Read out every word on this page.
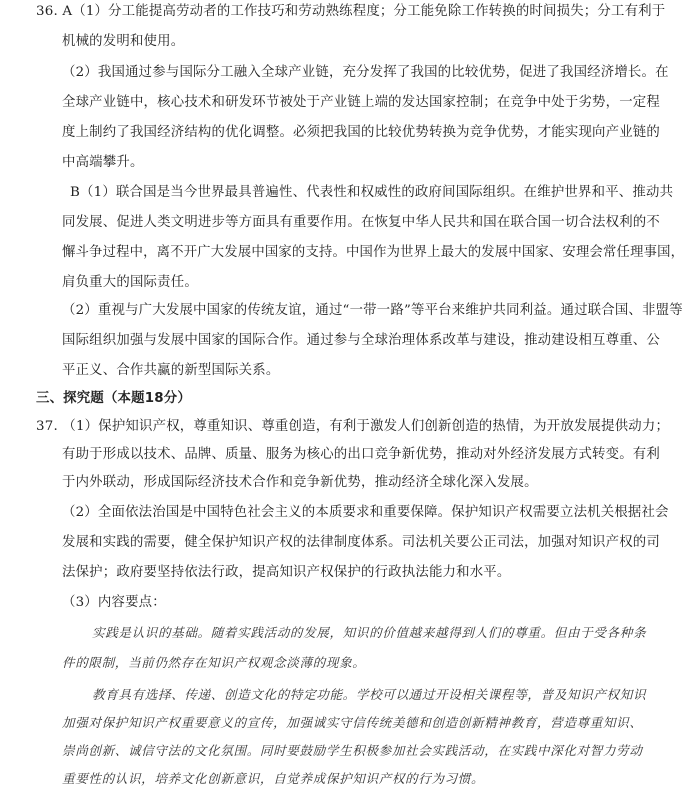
36. A（1）分工能提高劳动者的工作技巧和劳动熟练程度；分工能免除工作转换的时间损失；分工有利于
机械的发明和使用。
（2）我国通过参与国际分工融入全球产业链，充分发挥了我国的比较优势，促进了我国经济增长。在
全球产业链中，核心技术和研发环节被处于产业链上端的发达国家控制；在竞争中处于劣势，一定程
度上制约了我国经济结构的优化调整。必须把我国的比较优势转换为竞争优势，才能实现向产业链的
中高端攀升。
B（1）联合国是当今世界最具普遍性、代表性和权威性的政府间国际组织。在维护世界和平、推动共
同发展、促进人类文明进步等方面具有重要作用。在恢复中华人民共和国在联合国一切合法权利的不
懈斗争过程中，离不开广大发展中国家的支持。中国作为世界上最大的发展中国家、安理会常任理事国，
肩负重大的国际责任。
（2）重视与广大发展中国家的传统友谊，通过“一带一路”等平台来维护共同利益。通过联合国、非盟等
国际组织加强与发展中国家的国际合作。通过参与全球治理体系改革与建设，推动建设相互尊重、公
平正义、合作共赢的新型国际关系。
三、探究题（本题18分）
37. （1）保护知识产权，尊重知识、尊重创造，有利于激发人们创新创造的热情，为开放发展提供动力；
有助于形成以技术、品牌、质量、服务为核心的出口竞争新优势，推动对外经济发展方式转变。有利
于内外联动，形成国际经济技术合作和竞争新优势，推动经济全球化深入发展。
（2）全面依法治国是中国特色社会主义的本质要求和重要保障。保护知识产权需要立法机关根据社会
发展和实践的需要，健全保护知识产权的法律制度体系。司法机关要公正司法，加强对知识产权的司
法保护；政府要坚持依法行政，提高知识产权保护的行政执法能力和水平。
（3）内容要点：
实践是认识的基础。随着实践活动的发展，知识的价值越来越得到人们的尊重。但由于受各种条
件的限制，当前仍然存在知识产权观念淡薄的现象。
教育具有选择、传递、创造文化的特定功能。学校可以通过开设相关课程等，普及知识产权知识
加强对保护知识产权重要意义的宣传，加强诚实守信传统美德和创造创新精神教育，营造尊重知识、
崇尚创新、诚信守法的文化氛围。同时要鼓励学生积极参加社会实践活动，在实践中深化对智力劳动
重要性的认识，培养文化创新意识，自觉养成保护知识产权的行为习惯。
